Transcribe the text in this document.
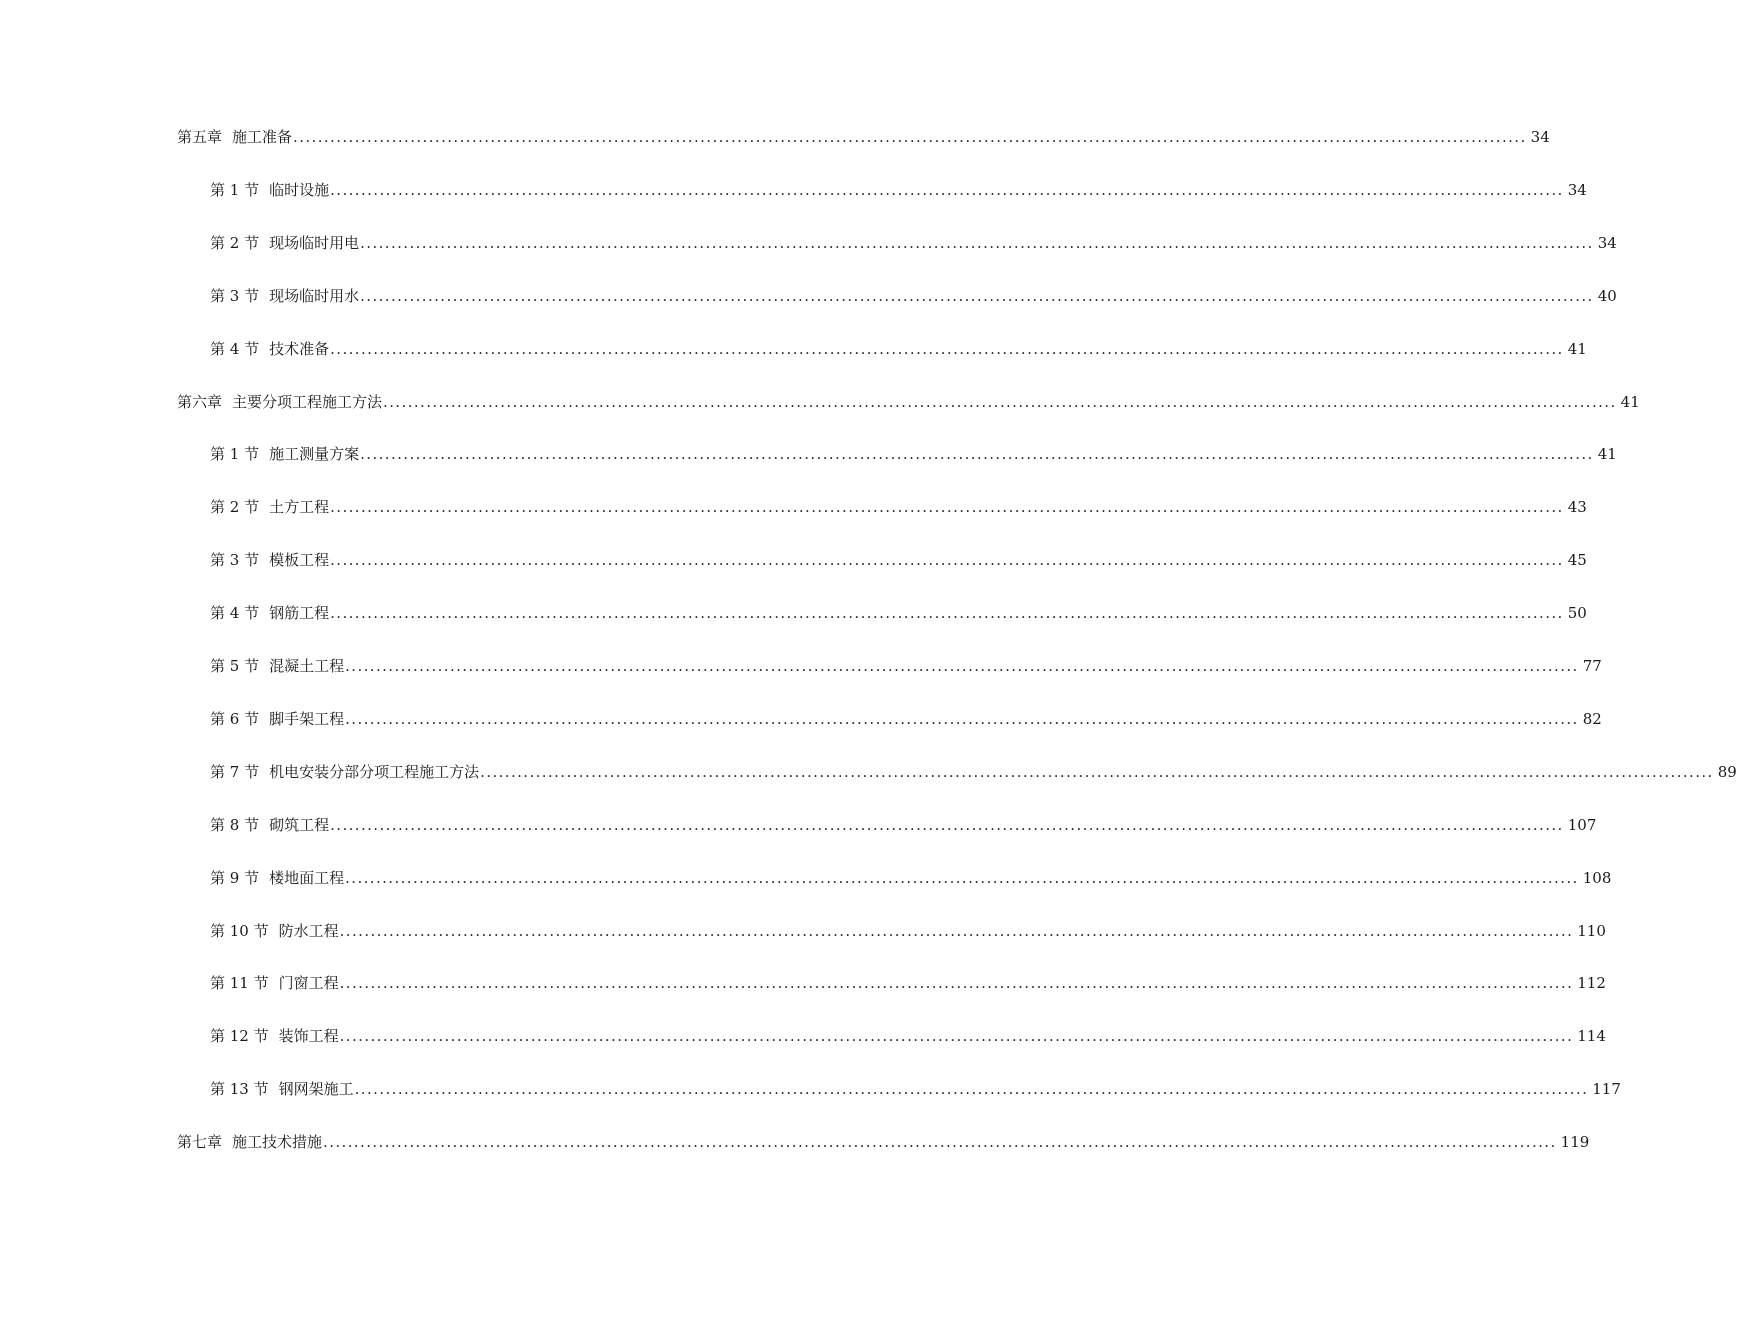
第五章 施工准备 ........................................................................................................................................................................................................ 34
第 1 节 临时设施 ........................................................................................................................................................................................................ 34
第 2 节 现场临时用电 ........................................................................................................................................................................................................ 34
第 3 节 现场临时用水 ........................................................................................................................................................................................................ 40
第 4 节 技术准备 ........................................................................................................................................................................................................ 41
第六章 主要分项工程施工方法 ........................................................................................................................................................................................................ 41
第 1 节 施工测量方案 ........................................................................................................................................................................................................ 41
第 2 节 土方工程 ........................................................................................................................................................................................................ 43
第 3 节 模板工程 ........................................................................................................................................................................................................ 45
第 4 节 钢筋工程 ........................................................................................................................................................................................................ 50
第 5 节 混凝土工程 ........................................................................................................................................................................................................ 77
第 6 节 脚手架工程 ........................................................................................................................................................................................................ 82
第 7 节 机电安装分部分项工程施工方法 ........................................................................................................................................................................................................ 89
第 8 节 砌筑工程 ........................................................................................................................................................................................................ 107
第 9 节 楼地面工程 ........................................................................................................................................................................................................ 108
第 10 节 防水工程 ........................................................................................................................................................................................................ 110
第 11 节 门窗工程 ........................................................................................................................................................................................................ 112
第 12 节 装饰工程 ........................................................................................................................................................................................................ 114
第 13 节 钢网架施工 ........................................................................................................................................................................................................ 117
第七章 施工技术措施 ........................................................................................................................................................................................................ 119
